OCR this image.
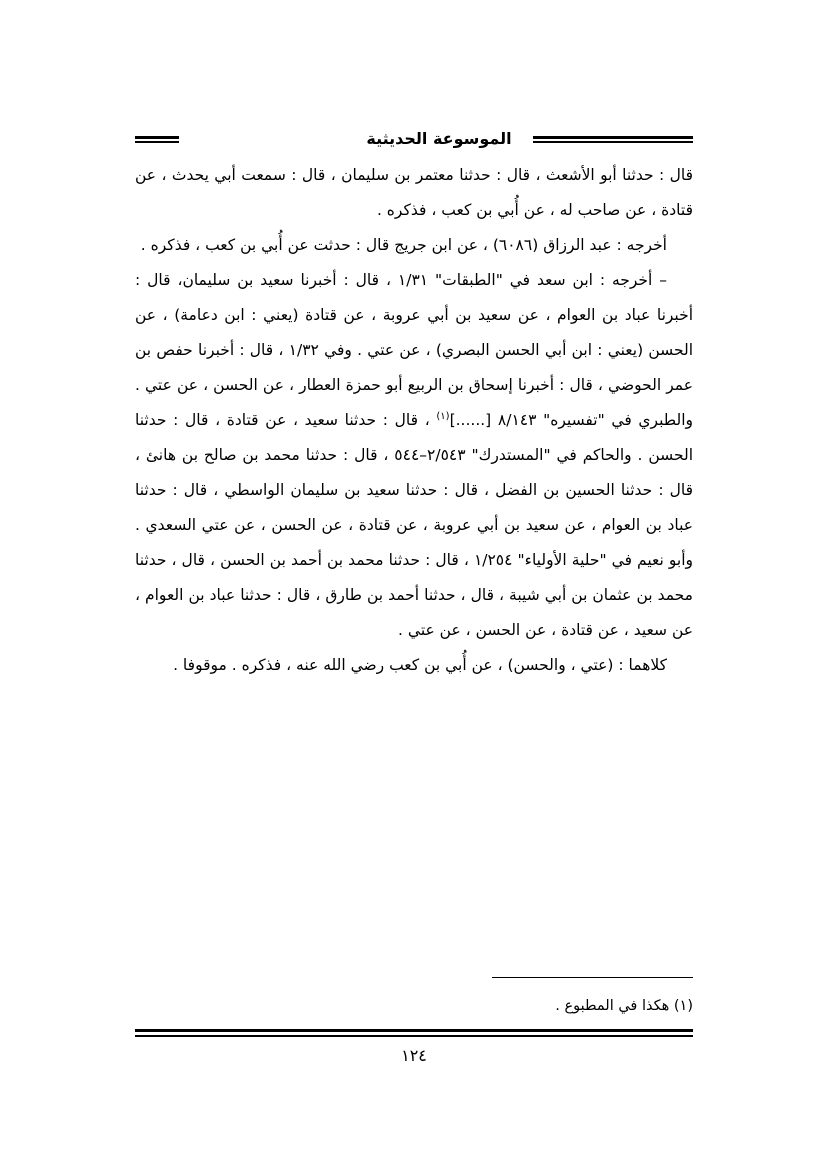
الموسوعة الحديثية

قال : حدثنا أبو الأشعث ، قال : حدثنا معتمر بن سليمان ، قال : سمعت أبي يحدث ، عن قتادة ، عن صاحب له ، عن أُبي بن كعب ، فذكره .

أخرجه : عبد الرزاق (٦٠٨٦) ، عن ابن جريج قال : حدثت عن أُبي بن كعب ، فذكره .

– أخرجه : ابن سعد في "الطبقات" ١/٣١ ، قال : أخبرنا سعيد بن سليمان، قال : أخبرنا عباد بن العوام ، عن سعيد بن أبي عروبة ، عن قتادة (يعني : ابن دعامة) ، عن الحسن (يعني : ابن أبي الحسن البصري) ، عن عتي . وفي ١/٣٢ ، قال : أخبرنا حفص بن عمر الحوضي ، قال : أخبرنا إسحاق بن الربيع أبو حمزة العطار ، عن الحسن ، عن عتي . والطبري في "تفسيره" ٨/١٤٣ [......]$^{(١)}$ ، قال : حدثنا سعيد ، عن قتادة ، قال : حدثنا الحسن . والحاكم في "المستدرك" ٢/٥٤٣–٥٤٤ ، قال : حدثنا محمد بن صالح بن هانئ ، قال : حدثنا الحسين بن الفضل ، قال : حدثنا سعيد بن سليمان الواسطي ، قال : حدثنا عباد بن العوام ، عن سعيد بن أبي عروبة ، عن قتادة ، عن الحسن ، عن عتي السعدي . وأبو نعيم في "حلية الأولياء" ١/٢٥٤ ، قال : حدثنا محمد بن أحمد بن الحسن ، قال ، حدثنا محمد بن عثمان بن أبي شيبة ، قال ، حدثنا أحمد بن طارق ، قال : حدثنا عباد بن العوام ، عن سعيد ، عن قتادة ، عن الحسن ، عن عتي .

كلاهما : (عتي ، والحسن) ، عن أُبي بن كعب رضي الله عنه ، فذكره . موقوفا .

(١) هكذا في المطبوع .
١٢٤
